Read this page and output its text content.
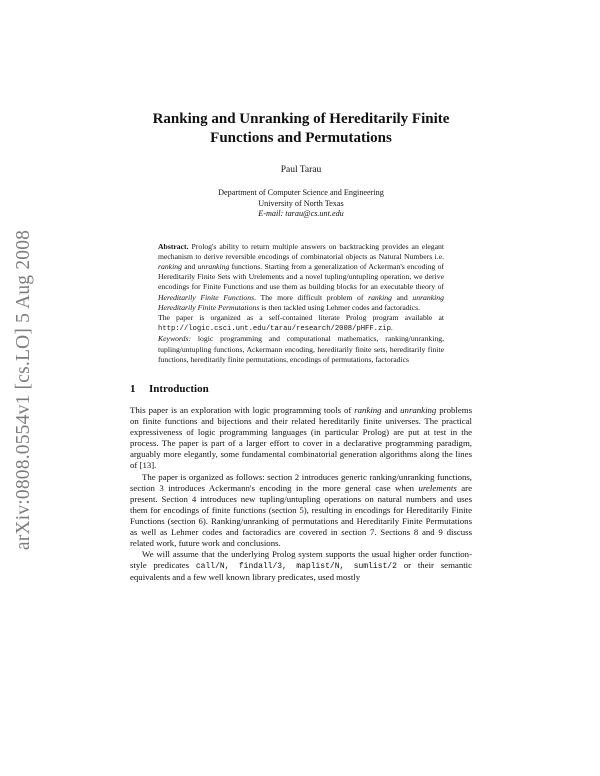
arXiv:0808.0554v1 [cs.LO] 5 Aug 2008
Ranking and Unranking of Hereditarily Finite
Functions and Permutations
Paul Tarau
Department of Computer Science and Engineering
University of North Texas
E-mail: tarau@cs.unt.edu

Abstract. Prolog's ability to return multiple answers on backtracking provides an elegant mechanism to derive reversible encodings of combinatorial objects as Natural Numbers i.e. ranking and unranking functions. Starting from a generalization of Ackerman's encoding of Hereditarily Finite Sets with Urelements and a novel tupling/untupling operation, we derive encodings for Finite Functions and use them as building blocks for an executable theory of Hereditarily Finite Functions. The more difficult problem of ranking and unranking Hereditarily Finite Permutations is then tackled using Lehmer codes and factoradics.

The paper is organized as a self-contained literate Prolog program available at http://logic.csci.unt.edu/tarau/research/2008/pHFF.zip.

Keywords: logic programming and computational mathematics, ranking/unranking, tupling/untupling functions, Ackermann encoding, hereditarily finite sets, hereditarily finite functions, hereditarily finite permutations, encodings of permutations, factoradics

1 Introduction

This paper is an exploration with logic programming tools of ranking and unranking problems on finite functions and bijections and their related hereditarily finite universes. The practical expressiveness of logic programming languages (in particular Prolog) are put at test in the process. The paper is part of a larger effort to cover in a declarative programming paradigm, arguably more elegantly, some fundamental combinatorial generation algorithms along the lines of [13].

The paper is organized as follows: section 2 introduces generic ranking/unranking functions, section 3 introduces Ackermann's encoding in the more general case when urelements are present. Section 4 introduces new tupling/untupling operations on natural numbers and uses them for encodings of finite functions (section 5), resulting in encodings for Hereditarily Finite Functions (section 6). Ranking/unranking of permutations and Hereditarily Finite Permutations as well as Lehmer codes and factoradics are covered in section 7. Sections 8 and 9 discuss related work, future work and conclusions.

We will assume that the underlying Prolog system supports the usual higher order function-style predicates call/N, findall/3, maplist/N, sumlist/2 or their semantic equivalents and a few well known library predicates, used mostly
